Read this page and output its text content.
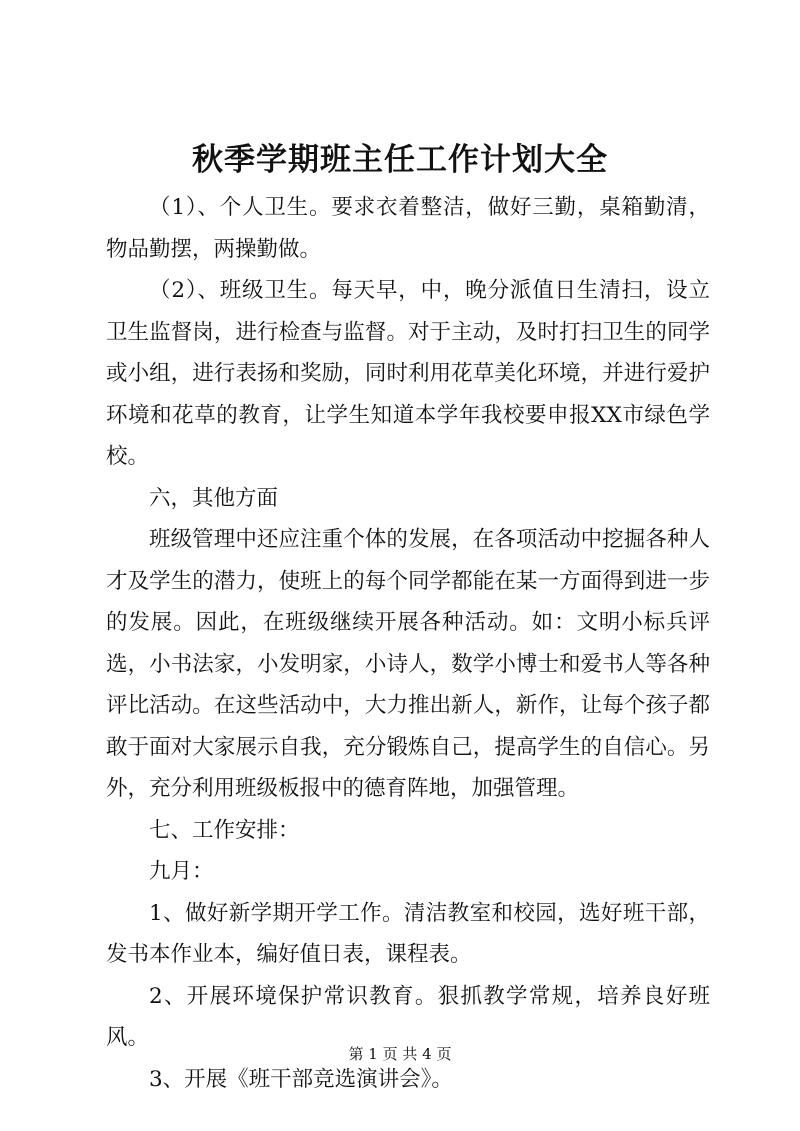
秋季学期班主任工作计划大全

（1）、个人卫生。要求衣着整洁，做好三勤，桌箱勤清，物品勤摆，两操勤做。

（2）、班级卫生。每天早，中，晚分派值日生清扫，设立卫生监督岗，进行检查与监督。对于主动，及时打扫卫生的同学或小组，进行表扬和奖励，同时利用花草美化环境，并进行爱护环境和花草的教育，让学生知道本学年我校要申报XX市绿色学校。

六，其他方面

班级管理中还应注重个体的发展，在各项活动中挖掘各种人才及学生的潜力，使班上的每个同学都能在某一方面得到进一步的发展。因此，在班级继续开展各种活动。如：文明小标兵评选，小书法家，小发明家，小诗人，数学小博士和爱书人等各种评比活动。在这些活动中，大力推出新人，新作，让每个孩子都敢于面对大家展示自我，充分锻炼自己，提高学生的自信心。另外，充分利用班级板报中的德育阵地，加强管理。

七、工作安排：

九月：

1、做好新学期开学工作。清洁教室和校园，选好班干部，发书本作业本，编好值日表，课程表。

2、开展环境保护常识教育。狠抓教学常规，培养良好班风。

3、开展《班干部竞选演讲会》。

第 1 页 共 4 页
